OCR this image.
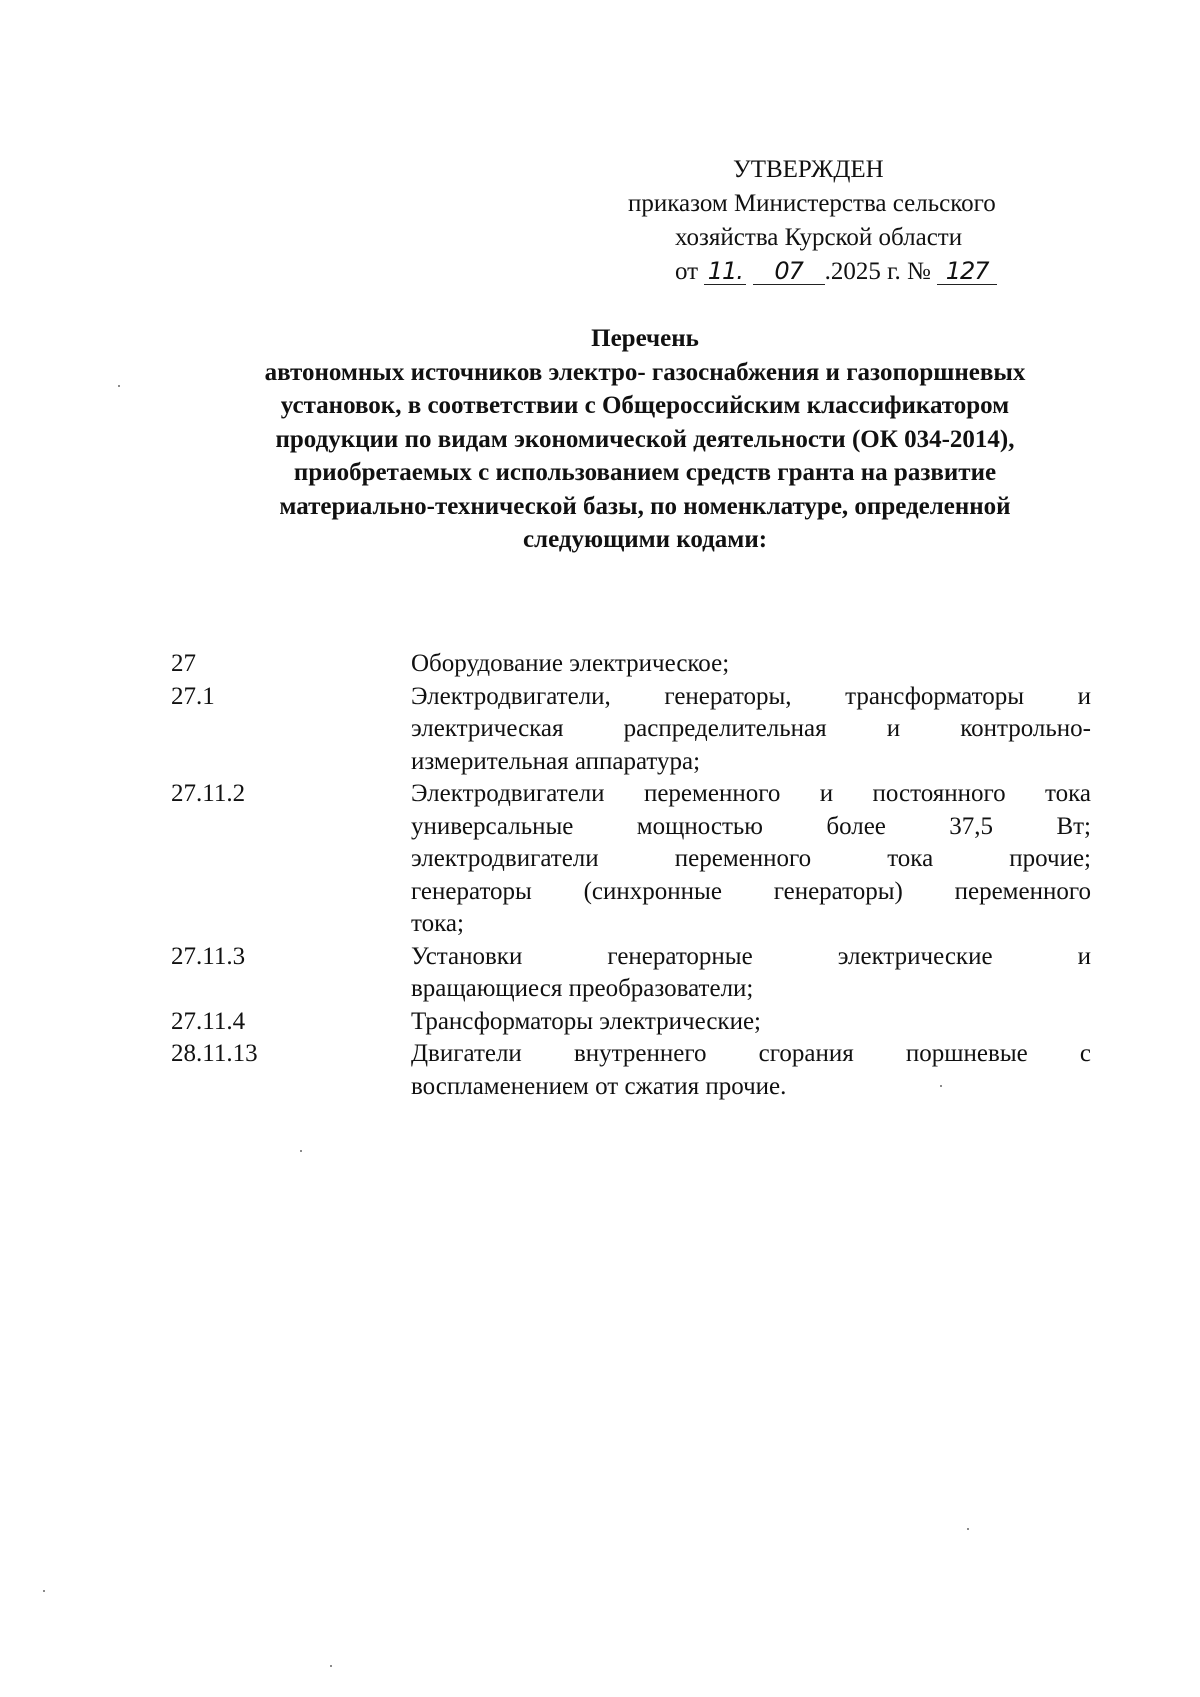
УТВЕРЖДЕН
приказом Министерства сельского
хозяйства Курской области
от 11. 07 .2025 г. № 127
Перечень
автономных источников электро- газоснабжения и газопоршневых
установок, в соответствии с Общероссийским классификатором
продукции по видам экономической деятельности (ОК 034-2014),
приобретаемых с использованием средств гранта на развитие
материально-технической базы, по номенклатуре, определенной
следующими кодами:
27	Оборудование электрическое;
27.1	Электродвигатели, генераторы, трансформаторы и
электрическая распределительная и контрольно-
измерительная аппаратура;
27.11.2	Электродвигатели переменного и постоянного тока
универсальные мощностью более 37,5 Вт;
электродвигатели переменного тока прочие;
генераторы (синхронные генераторы) переменного
тока;
27.11.3	Установки генераторные электрические и
вращающиеся преобразователи;
27.11.4	Трансформаторы электрические;
28.11.13	Двигатели внутреннего сгорания поршневые с
воспламенением от сжатия прочие.
